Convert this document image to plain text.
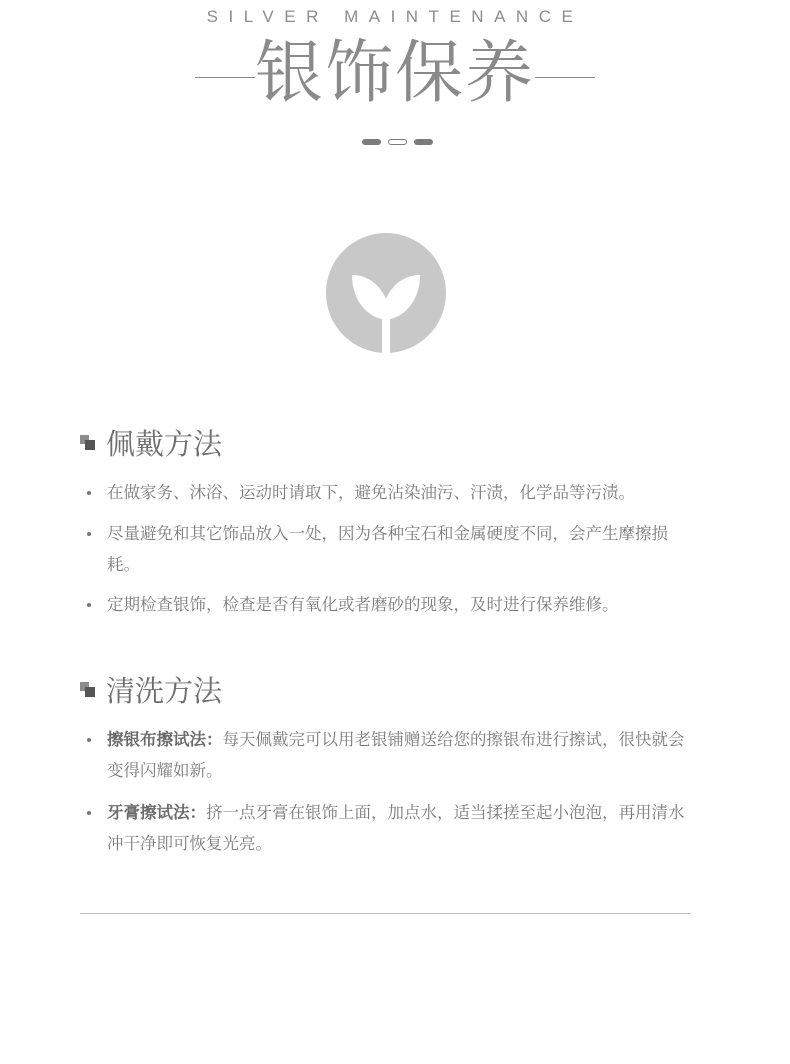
SILVER MAINTENANCE
银饰保养
佩戴方法
在做家务、沐浴、运动时请取下，避免沾染油污、汗渍，化学品等污渍。
尽量避免和其它饰品放入一处，因为各种宝石和金属硬度不同，会产生摩擦损耗。
定期检查银饰，检查是否有氧化或者磨砂的现象，及时进行保养维修。
清洗方法
擦银布擦试法：每天佩戴完可以用老银铺赠送给您的擦银布进行擦试，很快就会变得闪耀如新。
牙膏擦试法：挤一点牙膏在银饰上面，加点水，适当揉搓至起小泡泡，再用清水冲干净即可恢复光亮。
